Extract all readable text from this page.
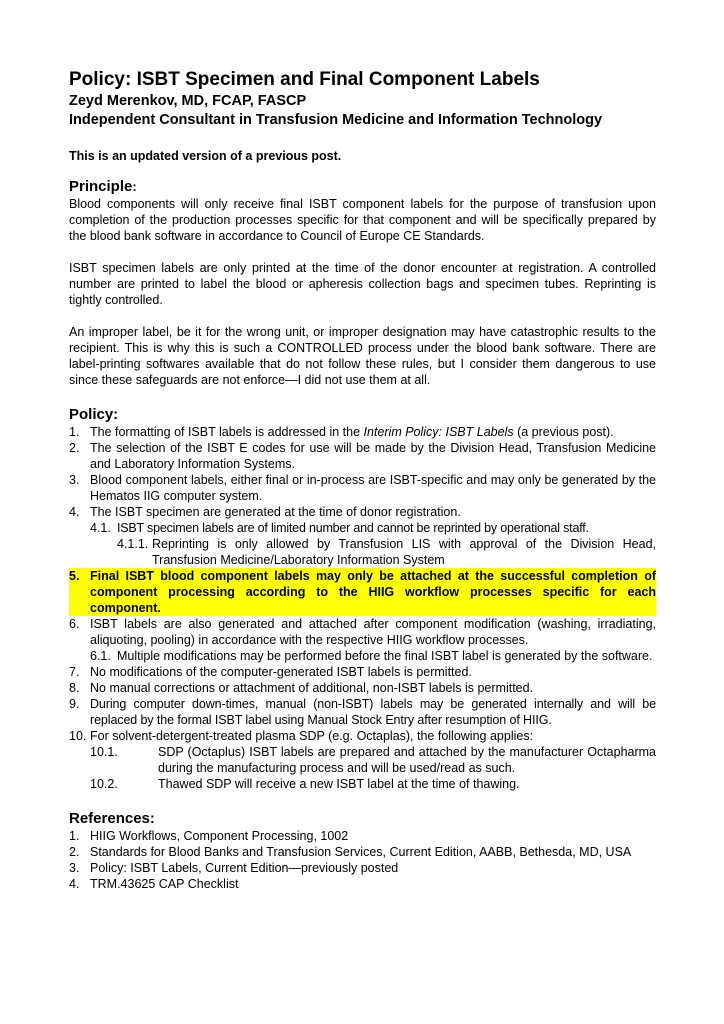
Policy: ISBT Specimen and Final Component Labels
Zeyd Merenkov, MD, FCAP, FASCP
Independent Consultant in Transfusion Medicine and Information Technology
This is an updated version of a previous post.
Principle:

Blood components will only receive final ISBT component labels for the purpose of transfusion upon completion of the production processes specific for that component and will be specifically prepared by the blood bank software in accordance to Council of Europe CE Standards.

ISBT specimen labels are only printed at the time of the donor encounter at registration. A controlled number are printed to label the blood or apheresis collection bags and specimen tubes. Reprinting is tightly controlled.

An improper label, be it for the wrong unit, or improper designation may have catastrophic results to the recipient. This is why this is such a CONTROLLED process under the blood bank software. There are label-printing softwares available that do not follow these rules, but I consider them dangerous to use since these safeguards are not enforce—I did not use them at all.

Policy:
1. The formatting of ISBT labels is addressed in the Interim Policy: ISBT Labels (a previous post).
2. The selection of the ISBT E codes for use will be made by the Division Head, Transfusion Medicine and Laboratory Information Systems.
3. Blood component labels, either final or in-process are ISBT-specific and may only be generated by the Hematos IIG computer system.
4. The ISBT specimen are generated at the time of donor registration.
4.1. ISBT specimen labels are of limited number and cannot be reprinted by operational staff.
4.1.1. Reprinting is only allowed by Transfusion LIS with approval of the Division Head, Transfusion Medicine/Laboratory Information System
5. Final ISBT blood component labels may only be attached at the successful completion of component processing according to the HIIG workflow processes specific for each component.
6. ISBT labels are also generated and attached after component modification (washing, irradiating, aliquoting, pooling) in accordance with the respective HIIG workflow processes.
6.1. Multiple modifications may be performed before the final ISBT label is generated by the software.
7. No modifications of the computer-generated ISBT labels is permitted.
8. No manual corrections or attachment of additional, non-ISBT labels is permitted.
9. During computer down-times, manual (non-ISBT) labels may be generated internally and will be replaced by the formal ISBT label using Manual Stock Entry after resumption of HIIG.
10. For solvent-detergent-treated plasma SDP (e.g. Octaplas), the following applies:
10.1.	SDP (Octaplus) ISBT labels are prepared and attached by the manufacturer Octapharma during the manufacturing process and will be used/read as such.
10.2.	Thawed SDP will receive a new ISBT label at the time of thawing.
References:
1. HIIG Workflows, Component Processing, 1002
2. Standards for Blood Banks and Transfusion Services, Current Edition, AABB, Bethesda, MD, USA
3. Policy: ISBT Labels, Current Edition—previously posted
4. TRM.43625 CAP Checklist
